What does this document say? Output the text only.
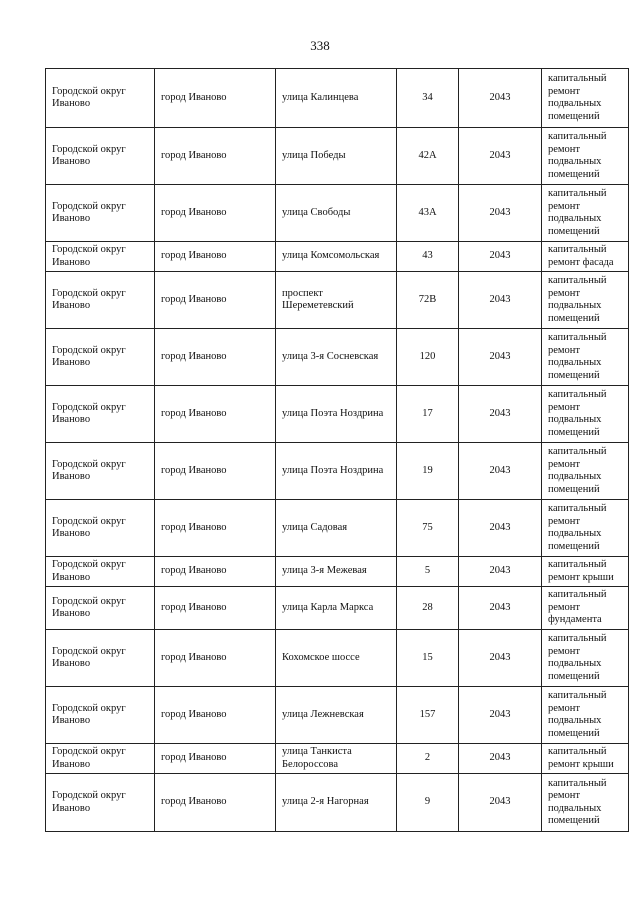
338
Городской округ Иваново	город Иваново	улица Калинцева	34	2043	капитальный ремонт подвальных помещений
Городской округ Иваново	город Иваново	улица Победы	42А	2043	капитальный ремонт подвальных помещений
Городской округ Иваново	город Иваново	улица Свободы	43А	2043	капитальный ремонт подвальных помещений
Городской округ Иваново	город Иваново	улица Комсомольская	43	2043	капитальный ремонт фасада
Городской округ Иваново	город Иваново	проспект Шереметевский	72В	2043	капитальный ремонт подвальных помещений
Городской округ Иваново	город Иваново	улица 3-я Сосневская	120	2043	капитальный ремонт подвальных помещений
Городской округ Иваново	город Иваново	улица Поэта Ноздрина	17	2043	капитальный ремонт подвальных помещений
Городской округ Иваново	город Иваново	улица Поэта Ноздрина	19	2043	капитальный ремонт подвальных помещений
Городской округ Иваново	город Иваново	улица Садовая	75	2043	капитальный ремонт подвальных помещений
Городской округ Иваново	город Иваново	улица 3-я Межевая	5	2043	капитальный ремонт крыши
Городской округ Иваново	город Иваново	улица Карла Маркса	28	2043	капитальный ремонт фундамента
Городской округ Иваново	город Иваново	Кохомское шоссе	15	2043	капитальный ремонт подвальных помещений
Городской округ Иваново	город Иваново	улица Лежневская	157	2043	капитальный ремонт подвальных помещений
Городской округ Иваново	город Иваново	улица Танкиста Белороссова	2	2043	капитальный ремонт крыши
Городской округ Иваново	город Иваново	улица 2-я Нагорная	9	2043	капитальный ремонт подвальных помещений
